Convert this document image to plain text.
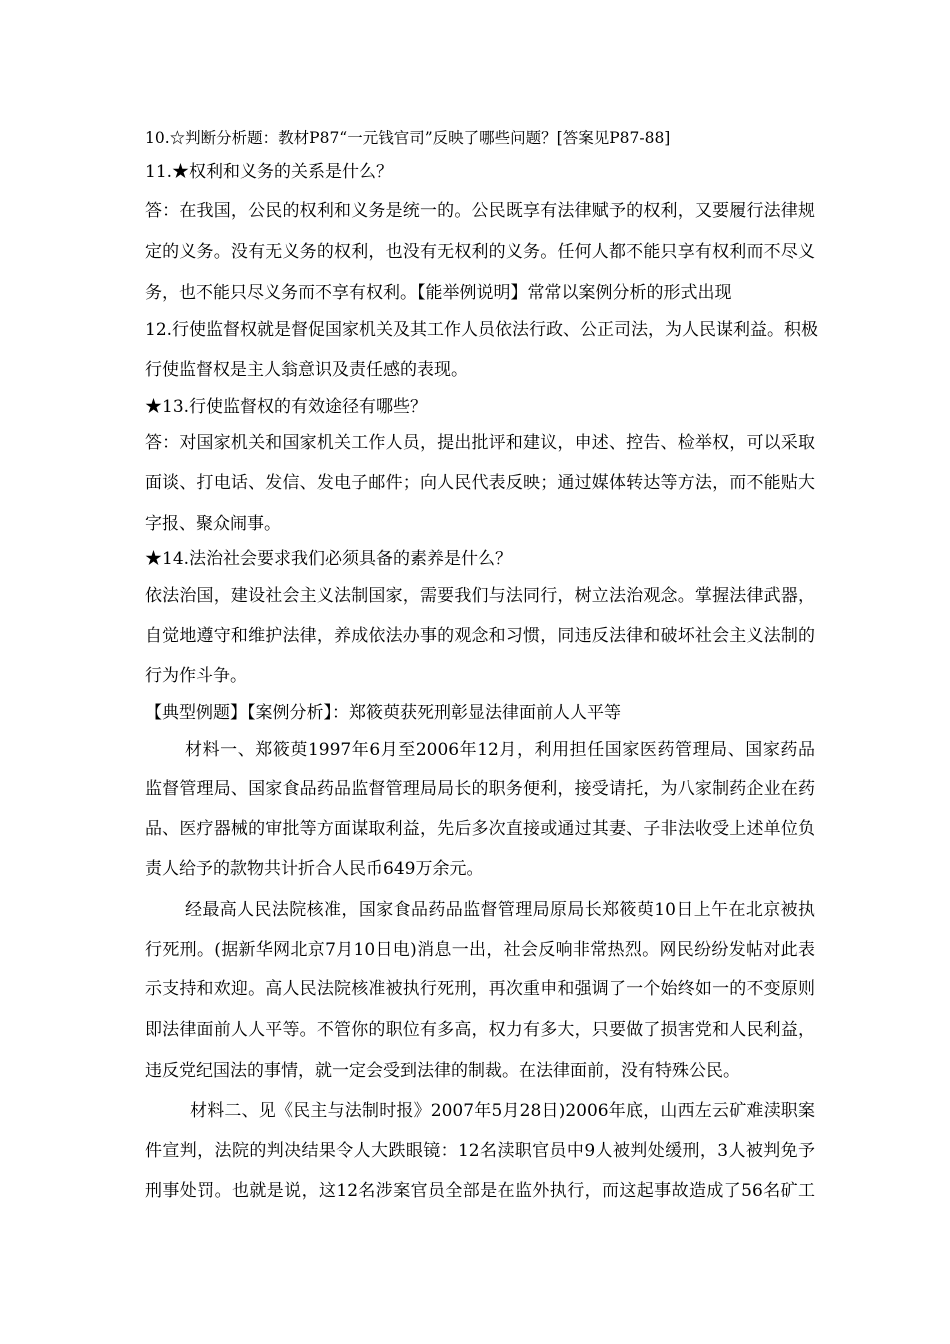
10.☆判断分析题：教材P87“一元钱官司”反映了哪些问题？[答案见P87-88]

11.★权利和义务的关系是什么？

答：在我国，公民的权利和义务是统一的。公民既享有法律赋予的权利，又要履行法律规

定的义务。没有无义务的权利，也没有无权利的义务。任何人都不能只享有权利而不尽义

务，也不能只尽义务而不享有权利。【能举例说明】常常以案例分析的形式出现

12.行使监督权就是督促国家机关及其工作人员依法行政、公正司法，为人民谋利益。积极

行使监督权是主人翁意识及责任感的表现。

★13.行使监督权的有效途径有哪些？

答：对国家机关和国家机关工作人员，提出批评和建议，申述、控告、检举权，可以采取

面谈、打电话、发信、发电子邮件；向人民代表反映；通过媒体转达等方法，而不能贴大

字报、聚众闹事。

★14.法治社会要求我们必须具备的素养是什么？

依法治国，建设社会主义法制国家，需要我们与法同行，树立法治观念。掌握法律武器，

自觉地遵守和维护法律，养成依法办事的观念和习惯，同违反法律和破坏社会主义法制的

行为作斗争。

【典型例题】【案例分析】：郑筱萸获死刑彰显法律面前人人平等

材料一、郑筱萸1997年6月至2006年12月，利用担任国家医药管理局、国家药品

监督管理局、国家食品药品监督管理局局长的职务便利，接受请托，为八家制药企业在药

品、医疗器械的审批等方面谋取利益，先后多次直接或通过其妻、子非法收受上述单位负

责人给予的款物共计折合人民币649万余元。

经最高人民法院核准，国家食品药品监督管理局原局长郑筱萸10日上午在北京被执

行死刑。(据新华网北京7月10日电)消息一出，社会反响非常热烈。网民纷纷发帖对此表

示支持和欢迎。高人民法院核准被执行死刑，再次重申和强调了一个始终如一的不变原则

即法律面前人人平等。不管你的职位有多高，权力有多大，只要做了损害党和人民利益，

违反党纪国法的事情，就一定会受到法律的制裁。在法律面前，没有特殊公民。

材料二、见《民主与法制时报》2007年5月28日)2006年底，山西左云矿难渎职案

件宣判，法院的判决结果令人大跌眼镜：12名渎职官员中9人被判处缓刑，3人被判免予

刑事处罚。也就是说，这12名涉案官员全部是在监外执行，而这起事故造成了56名矿工
